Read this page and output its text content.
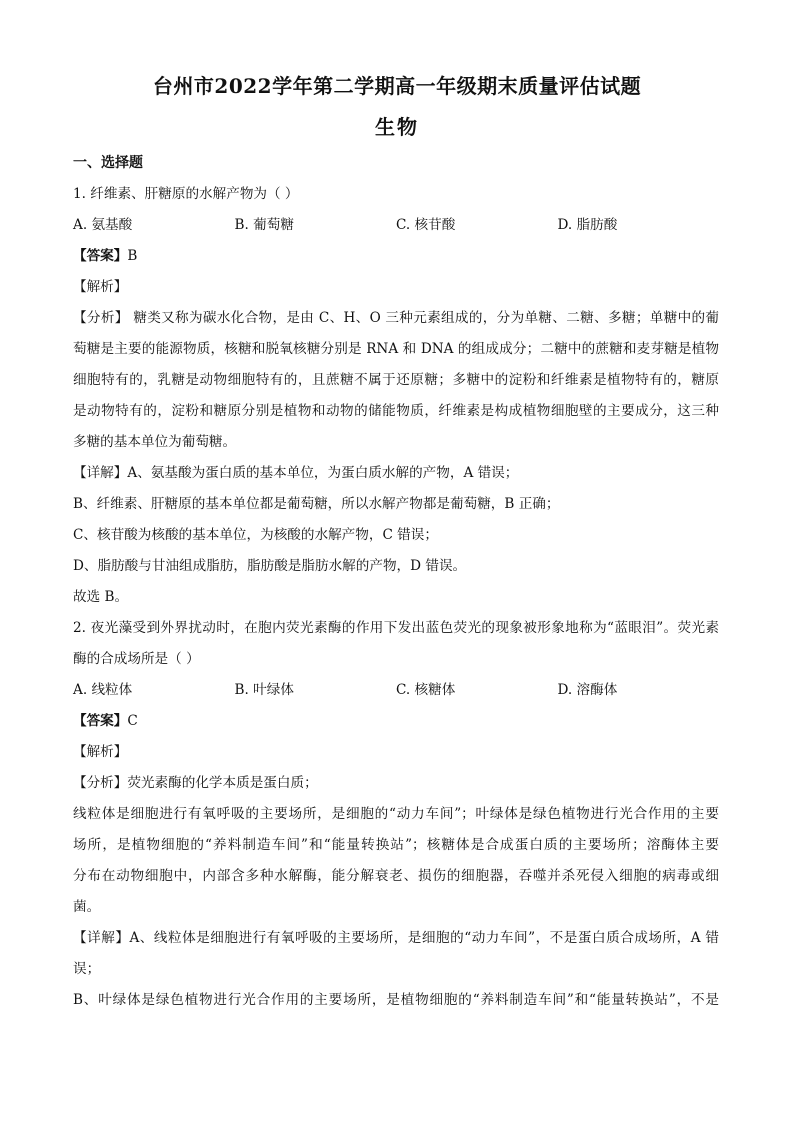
台州市2022学年第二学期高一年级期末质量评估试题
生物
一、选择题
1. 纤维素、肝糖原的水解产物为（ ）
A. 氨基酸	B. 葡萄糖	C. 核苷酸	D. 脂肪酸
【答案】B
【解析】
【分析】 糖类又称为碳水化合物，是由 C、H、O 三种元素组成的，分为单糖、二糖、多糖；单糖中的葡
萄糖是主要的能源物质，核糖和脱氧核糖分别是 RNA 和 DNA 的组成成分；二糖中的蔗糖和麦芽糖是植物
细胞特有的，乳糖是动物细胞特有的，且蔗糖不属于还原糖；多糖中的淀粉和纤维素是植物特有的，糖原
是动物特有的，淀粉和糖原分别是植物和动物的储能物质，纤维素是构成植物细胞壁的主要成分，这三种
多糖的基本单位为葡萄糖。
【详解】A、氨基酸为蛋白质的基本单位，为蛋白质水解的产物，A 错误；
B、纤维素、肝糖原的基本单位都是葡萄糖，所以水解产物都是葡萄糖，B 正确；
C、核苷酸为核酸的基本单位，为核酸的水解产物，C 错误；
D、脂肪酸与甘油组成脂肪，脂肪酸是脂肪水解的产物，D 错误。
故选 B。
2. 夜光藻受到外界扰动时，在胞内荧光素酶的作用下发出蓝色荧光的现象被形象地称为“蓝眼泪”。荧光素
酶的合成场所是（ ）
A. 线粒体	B. 叶绿体	C. 核糖体	D. 溶酶体
【答案】C
【解析】
【分析】荧光素酶的化学本质是蛋白质；
线粒体是细胞进行有氧呼吸的主要场所，是细胞的“动力车间”；叶绿体是绿色植物进行光合作用的主要
场所，是植物细胞的“养料制造车间”和“能量转换站”；核糖体是合成蛋白质的主要场所；溶酶体主要
分布在动物细胞中，内部含多种水解酶，能分解衰老、损伤的细胞器，吞噬并杀死侵入细胞的病毒或细
菌。
【详解】A、线粒体是细胞进行有氧呼吸的主要场所，是细胞的“动力车间”，不是蛋白质合成场所，A 错
误；
B、叶绿体是绿色植物进行光合作用的主要场所，是植物细胞的“养料制造车间”和“能量转换站”，不是
